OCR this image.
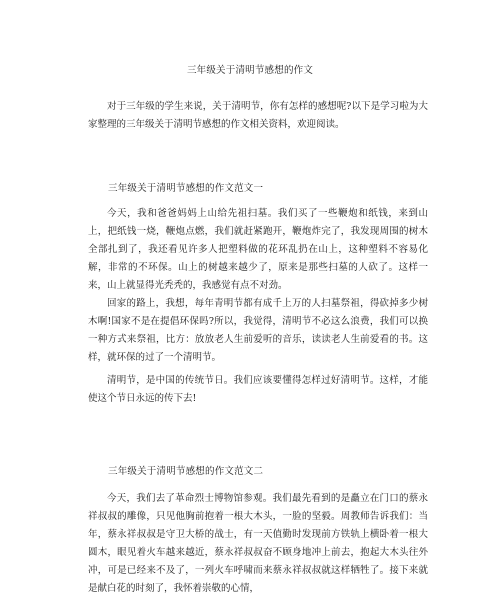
三年级关于清明节感想的作文
对于三年级的学生来说，关于清明节，你有怎样的感想呢?以下是学习啦为大家整理的三年级关于清明节感想的作文相关资料，欢迎阅读。
三年级关于清明节感想的作文范文一
今天，我和爸爸妈妈上山给先祖扫墓。我们买了一些鞭炮和纸钱，来到山上，把纸钱一烧，鞭炮点燃，我们就赶紧跑开，鞭炮炸完了，我发现周围的树木全部扎到了，我还看见许多人把塑料做的花环乱扔在山上，这种塑料不容易化解，非常的不环保。山上的树越来越少了，原来是那些扫墓的人砍了。这样一来，山上就显得光秃秃的，我感觉有点不对劲。
回家的路上，我想，每年青明节都有成千上万的人扫墓祭祖，得砍掉多少树木啊!国家不是在提倡环保吗?所以，我觉得，清明节不必这么浪费，我们可以换一种方式来祭祖，比方：放放老人生前爱听的音乐，读读老人生前爱看的书。这样，就环保的过了一个清明节。
清明节，是中国的传统节日。我们应该要懂得怎样过好清明节。这样，才能使这个节日永远的传下去!
三年级关于清明节感想的作文范文二
今天，我们去了革命烈士博物馆参观。我们最先看到的是矗立在门口的蔡永祥叔叔的雕像，只见他胸前抱着一根大木头，一脸的坚毅。周教师告诉我们：当年，蔡永祥叔叔是守卫大桥的战士，有一天值勤时发现前方铁轨上横卧着一根大圆木，眼见着火车越来越近，蔡永祥叔叔奋不顾身地冲上前去，抱起大木头往外冲，可是已经来不及了，一列火车呼啸而来蔡永祥叔叔就这样牺牲了。接下来就是献白花的时刻了，我怀着崇敬的心情，
